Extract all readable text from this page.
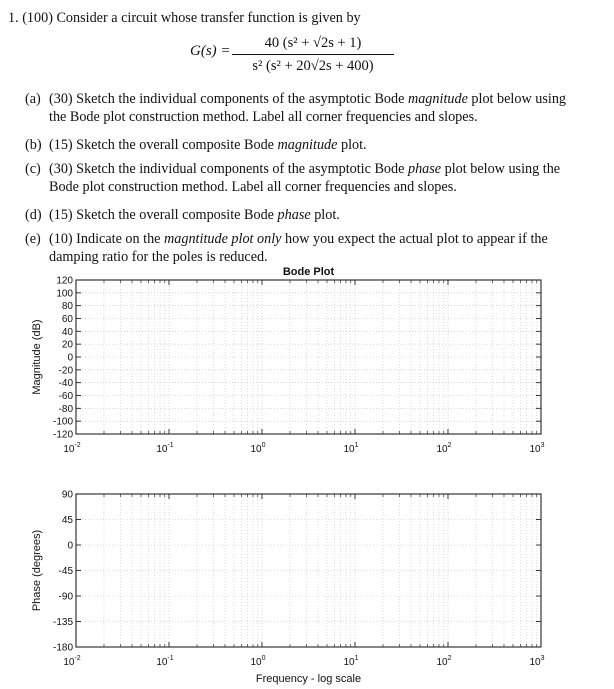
1. (100) Consider a circuit whose transfer function is given by
G(s) =	40 (s² + √2s + 1)
s² (s² + 20√2s + 400)
(a) (30) Sketch the individual components of the asymptotic Bode magnitude plot below using
the Bode plot construction method. Label all corner frequencies and slopes.
(b) (15) Sketch the overall composite Bode magnitude plot.
(c) (30) Sketch the individual components of the asymptotic Bode phase plot below using the
Bode plot construction method. Label all corner frequencies and slopes.
(d) (15) Sketch the overall composite Bode phase plot.
(e) (10) Indicate on the magntitude plot only how you expect the actual plot to appear if the
damping ratio for the poles is reduced.
$10^{-2}$	$10^{-1}$	$10^0$	$10^1$	$10^2$	$10^3$
120
100
80
60
40
20
0
-20
-40
-60
-80
-100
-120
Magnitude (dB)
Bode Plot
$10^{-2}$	$10^{-1}$	$10^0$	$10^1$	$10^2$	$10^3$
90
45
0
-45
-90
-135
-180
Phase (degrees)
Frequency - log scale
